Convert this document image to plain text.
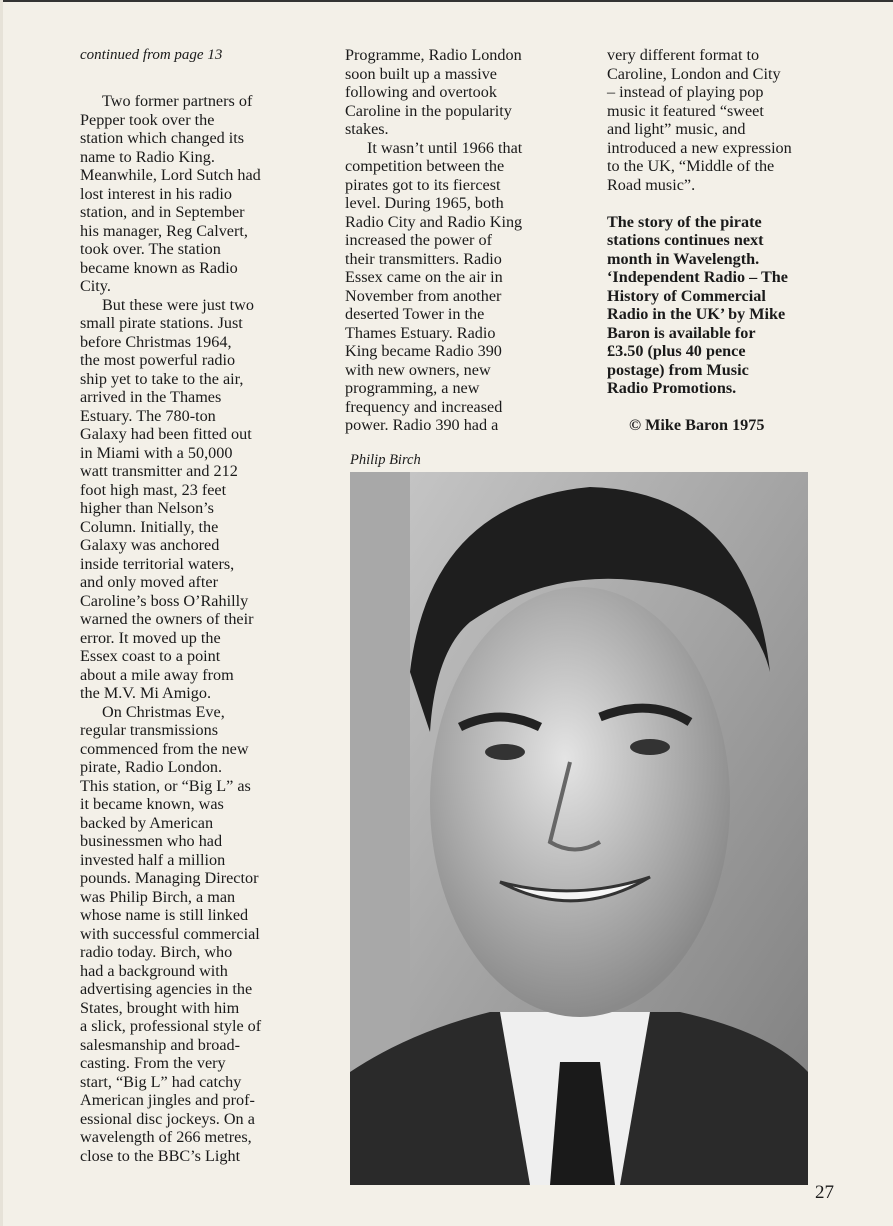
continued from page 13
Two former partners of
Pepper took over the
station which changed its
name to Radio King.
Meanwhile, Lord Sutch had
lost interest in his radio
station, and in September
his manager, Reg Calvert,
took over. The station
became known as Radio
City.
But these were just two
small pirate stations. Just
before Christmas 1964,
the most powerful radio
ship yet to take to the air,
arrived in the Thames
Estuary. The 780-ton
Galaxy had been fitted out
in Miami with a 50,000
watt transmitter and 212
foot high mast, 23 feet
higher than Nelson’s
Column. Initially, the
Galaxy was anchored
inside territorial waters,
and only moved after
Caroline’s boss O’Rahilly
warned the owners of their
error. It moved up the
Essex coast to a point
about a mile away from
the M.V. Mi Amigo.
On Christmas Eve,
regular transmissions
commenced from the new
pirate, Radio London.
This station, or “Big L” as
it became known, was
backed by American
businessmen who had
invested half a million
pounds. Managing Director
was Philip Birch, a man
whose name is still linked
with successful commercial
radio today. Birch, who
had a background with
advertising agencies in the
States, brought with him
a slick, professional style of
salesmanship and broad-
casting. From the very
start, “Big L” had catchy
American jingles and prof-
essional disc jockeys. On a
wavelength of 266 metres,
close to the BBC’s Light
Programme, Radio London
soon built up a massive
following and overtook
Caroline in the popularity
stakes.
It wasn’t until 1966 that
competition between the
pirates got to its fiercest
level. During 1965, both
Radio City and Radio King
increased the power of
their transmitters. Radio
Essex came on the air in
November from another
deserted Tower in the
Thames Estuary. Radio
King became Radio 390
with new owners, new
programming, a new
frequency and increased
power. Radio 390 had a
very different format to
Caroline, London and City
– instead of playing pop
music it featured “sweet
and light” music, and
introduced a new expression
to the UK, “Middle of the
Road music”.
The story of the pirate
stations continues next
month in Wavelength.
‘Independent Radio – The
History of Commercial
Radio in the UK’ by Mike
Baron is available for
£3.50 (plus 40 pence
postage) from Music
Radio Promotions.
© Mike Baron 1975
Philip Birch
27
